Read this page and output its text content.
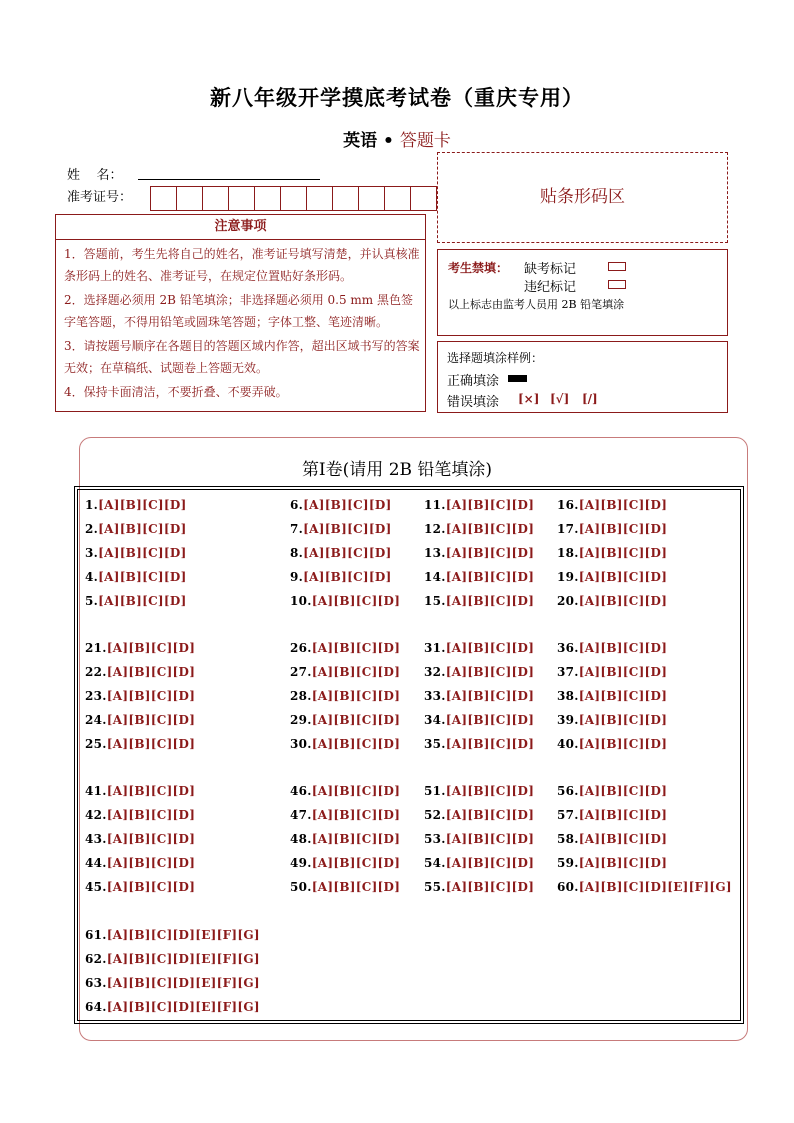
新八年级开学摸底考试卷（重庆专用）
英语 • 答题卡
姓    名：
准考证号：
注意事项
1．答题前，考生先将自己的姓名，准考证号填写清楚，并认真核准条形码上的姓名、准考证号，在规定位置贴好条形码。
2．选择题必须用 2B 铅笔填涂；非选择题必须用 0.5 mm 黑色签字笔答题，不得用铅笔或圆珠笔答题；字体工整、笔迹清晰。
3．请按题号顺序在各题目的答题区域内作答，超出区域书写的答案无效；在草稿纸、试题卷上答题无效。
4．保持卡面清洁，不要折叠、不要弄破。
贴条形码区
考生禁填： 缺考标记
违纪标记
以上标志由监考人员用 2B 铅笔填涂
选择题填涂样例：
正确填涂
错误填涂 [×] [√] [/]
第Ⅰ卷(请用 2B 铅笔填涂)
1.[A][B][C][D]	6.[A][B][C][D]	11.[A][B][C][D] 16.[A][B][C][D]
2.[A][B][C][D]	7.[A][B][C][D]	12.[A][B][C][D] 17.[A][B][C][D]
3.[A][B][C][D]	8.[A][B][C][D]	13.[A][B][C][D] 18.[A][B][C][D]
4.[A][B][C][D]	9.[A][B][C][D]	14.[A][B][C][D] 19.[A][B][C][D]
5.[A][B][C][D]	10.[A][B][C][D] 15.[A][B][C][D] 20.[A][B][C][D]
21.[A][B][C][D]	26.[A][B][C][D] 31.[A][B][C][D] 36.[A][B][C][D]
22.[A][B][C][D]	27.[A][B][C][D] 32.[A][B][C][D] 37.[A][B][C][D]
23.[A][B][C][D]	28.[A][B][C][D] 33.[A][B][C][D] 38.[A][B][C][D]
24.[A][B][C][D]	29.[A][B][C][D] 34.[A][B][C][D] 39.[A][B][C][D]
25.[A][B][C][D]	30.[A][B][C][D] 35.[A][B][C][D] 40.[A][B][C][D]
41.[A][B][C][D]	46.[A][B][C][D] 51.[A][B][C][D] 56.[A][B][C][D]
42.[A][B][C][D]	47.[A][B][C][D] 52.[A][B][C][D] 57.[A][B][C][D]
43.[A][B][C][D]	48.[A][B][C][D] 53.[A][B][C][D] 58.[A][B][C][D]
44.[A][B][C][D]	49.[A][B][C][D] 54.[A][B][C][D] 59.[A][B][C][D]
45.[A][B][C][D]	50.[A][B][C][D] 55.[A][B][C][D] 60.[A][B][C][D][E][F][G]
61.[A][B][C][D][E][F][G]
62.[A][B][C][D][E][F][G]
63.[A][B][C][D][E][F][G]
64.[A][B][C][D][E][F][G]
